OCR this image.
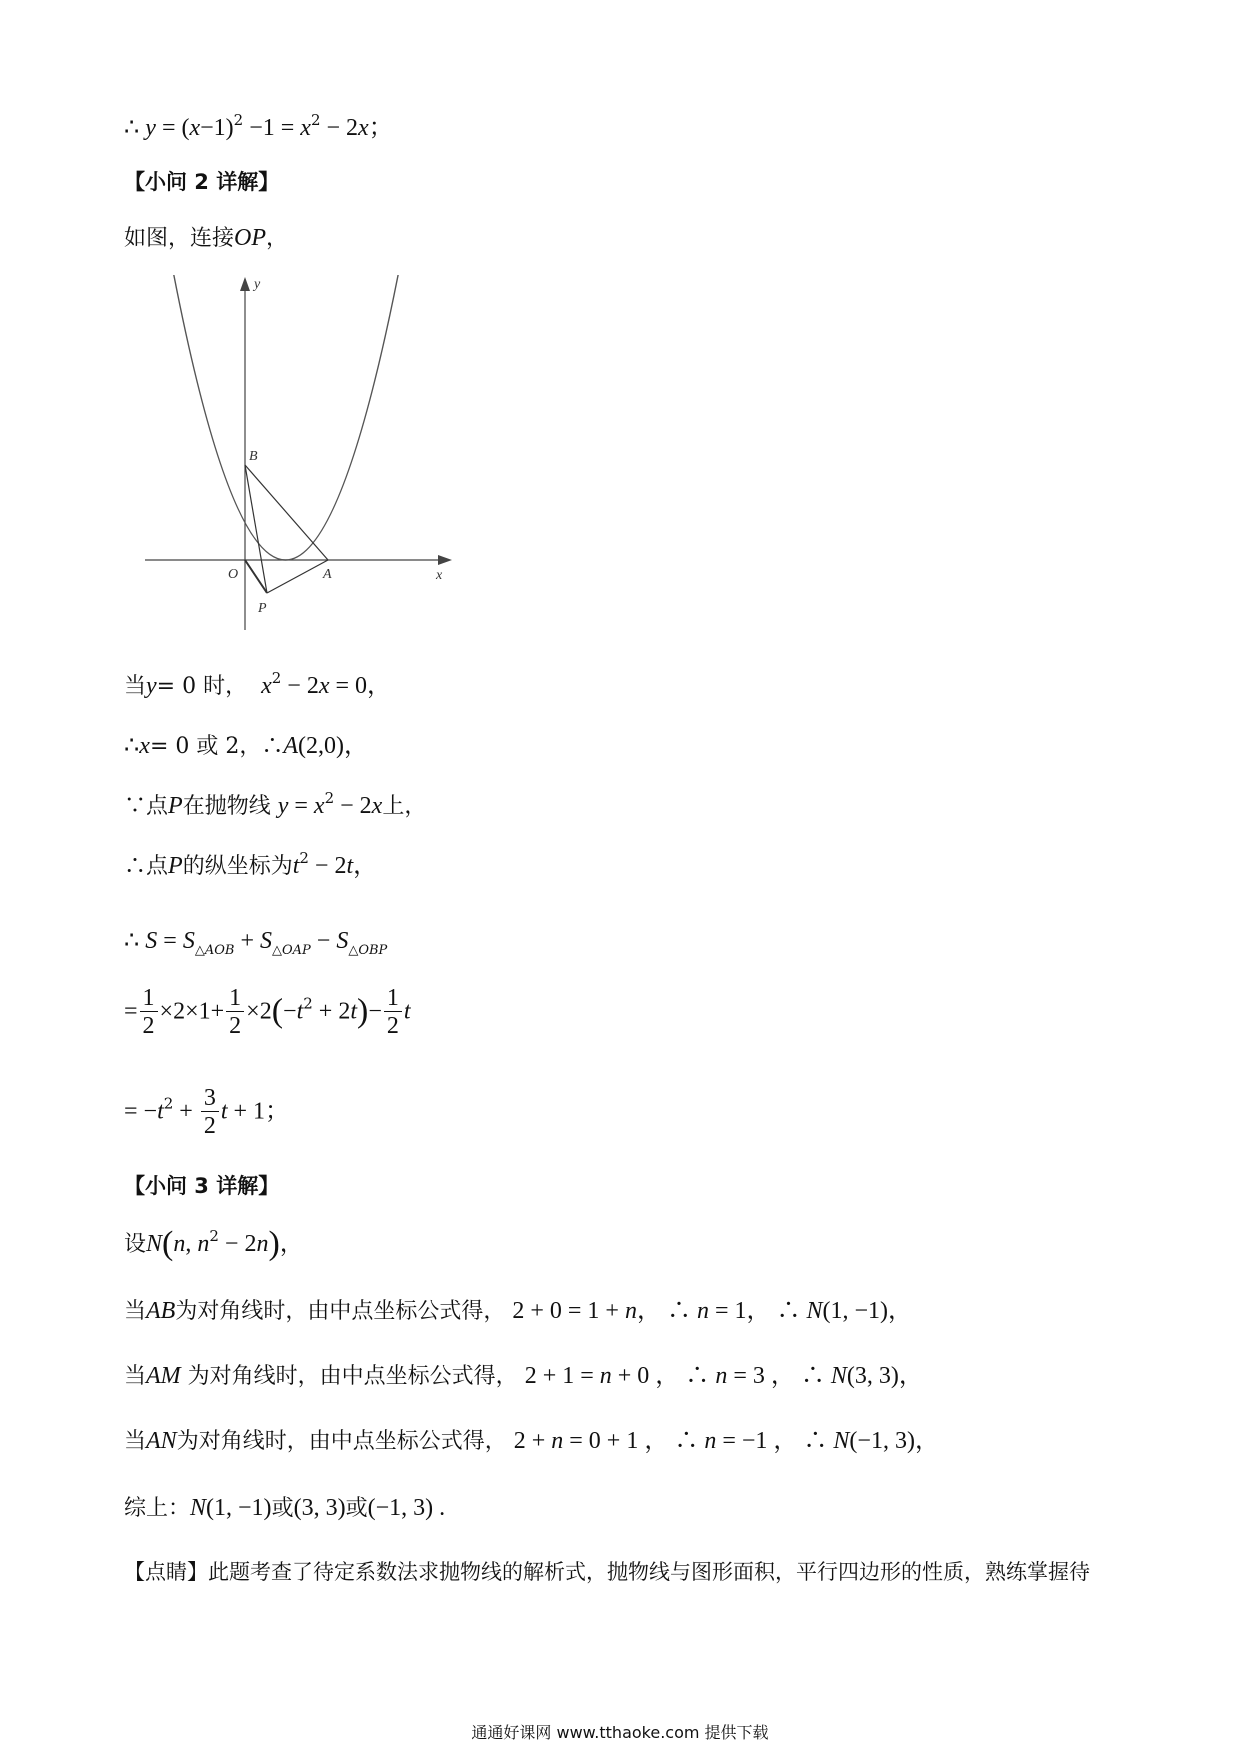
∴ $y = (x-1)^2 -1 = x^2 - 2x$；
【小问 2 详解】
如图，连接OP，
y
x
B
O	A
P
当y= 0 时， $x^2 - 2x = 0$，
∴x= 0 或 2，∴A(2,0)，
∵点P在抛物线 $y = x^2 - 2x$上，
∴点P的纵坐标为$t^2 - 2t$，
∴ $S = S_{\triangle AOB} + S_{\triangle OAP} - S_{\triangle OBP}$
= $\frac{1}{2} \times 2\times 1+ \frac{1}{2} \times 2(-t^2 + 2t)- \frac{1}{2}$ t
= $-t^2 + \frac{3}{2}$ t + 1；
【小问 3 详解】
设N(n, $n^2 - 2n$)，
当AB为对角线时，由中点坐标公式得， 2 + 0 = 1 + n， ∴ n = 1， ∴ N(1, −1)，
当AM 为对角线时，由中点坐标公式得， 2 + 1 = n + 0 ， ∴ n = 3 ， ∴ N(3, 3)，
当AN为对角线时，由中点坐标公式得， 2 + n = 0 + 1 ， ∴ n = −1 ， ∴ N(−1, 3)，
综上：N(1, −1)或(3, 3)或(−1, 3) .
【点睛】此题考查了待定系数法求抛物线的解析式，抛物线与图形面积，平行四边形的性质，熟练掌握待
通通好课网 www.tthaoke.com 提供下载
